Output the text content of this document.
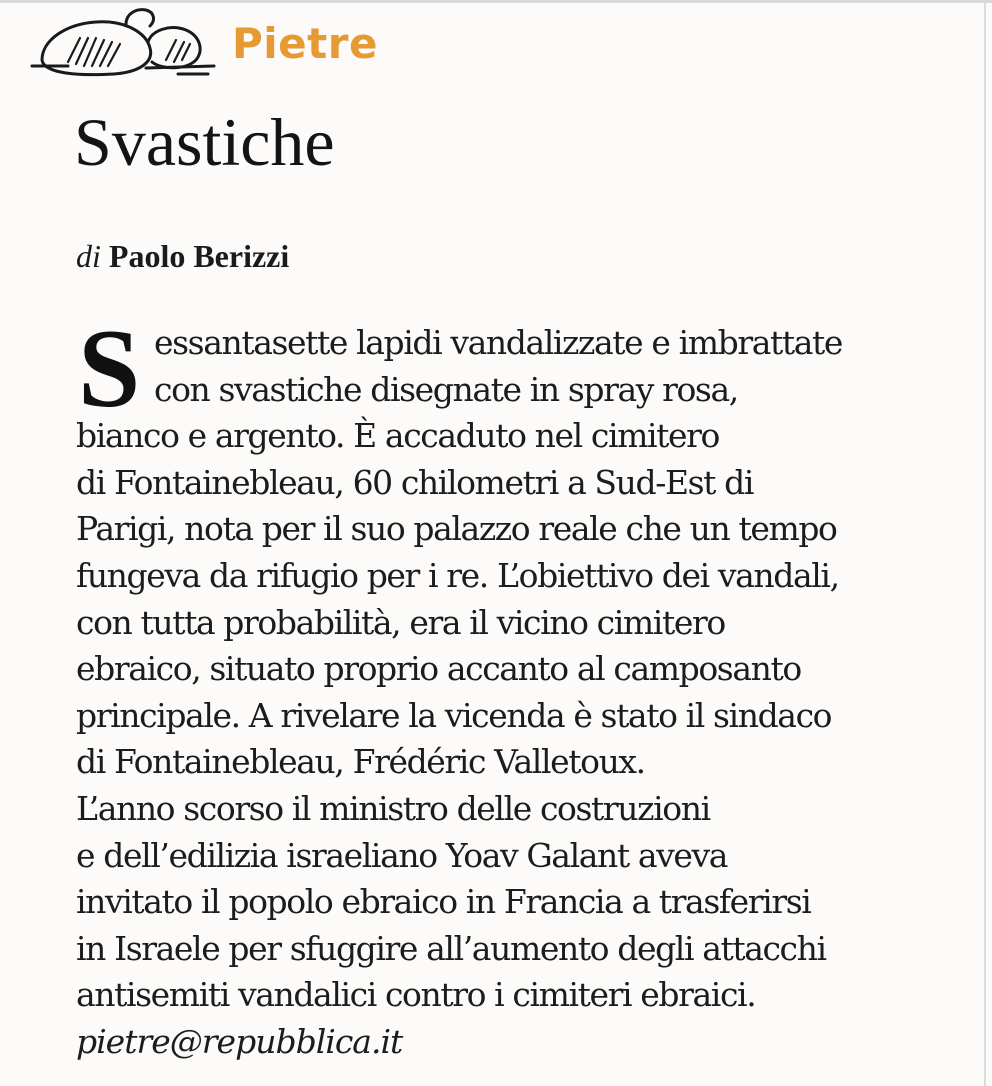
Pietre
Svastiche
di Paolo Berizzi
S essantasette lapidi vandalizzate e imbrattate
con svastiche disegnate in spray rosa,
bianco e argento. È accaduto nel cimitero
di Fontainebleau, 60 chilometri a Sud-Est di
Parigi, nota per il suo palazzo reale che un tempo
fungeva da rifugio per i re. L’obiettivo dei vandali,
con tutta probabilità, era il vicino cimitero
ebraico, situato proprio accanto al camposanto
principale. A rivelare la vicenda è stato il sindaco
di Fontainebleau, Frédéric Valletoux.
L’anno scorso il ministro delle costruzioni
e dell’edilizia israeliano Yoav Galant aveva
invitato il popolo ebraico in Francia a trasferirsi
in Israele per sfuggire all’aumento degli attacchi
antisemiti vandalici contro i cimiteri ebraici.
pietre@repubblica.it
